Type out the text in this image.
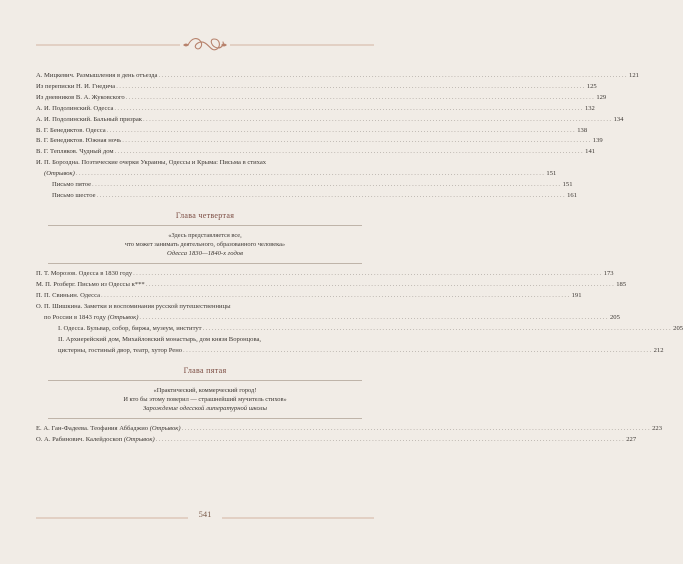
А. Мицкевич. Размышления в день отъезда .....	121
Из переписки Н. И. Гнедича .....	125
Из дневников В. А. Жуковского .....	129
А. И. Подолинский. Одесса .....	132
А. И. Подолинский. Бальный призрак .....	134
В. Г. Бенедиктов. Одесса .....	138
В. Г. Бенедиктов. Южная ночь .....	139
В. Г. Тепляков. Чудный дом .....	141
И. П. Бороздна. Поэтические очерки Украины, Одессы и Крыма: Письма в стихах
(Отрывок) .....	151
Письмо пятое .....	151
Письмо шестое .....	161
Глава четвертая
«Здесь представляется все,
что может занимать деятельного, образованного человека»
Одесса 1830—1840-х годов
П. Т. Морозов. Одесса в 1830 году .....	173
М. П. Розберг. Письмо из Одессы к*** .....	185
П. П. Свиньин. Одесса .....	191
О. П. Шишкина. Заметки и воспоминания русской путешественницы
по России в 1843 году (Отрывок) .....	205
I. Одесса. Бульвар, собор, биржа, музеум, институт .....	205
II. Архиерейский дом, Михайловский монастырь, дом князя Воронцова,
цистерны, гостиный двор, театр, хутор Рено .....	212
Глава пятая
«Практический, коммерческий город!
И кто бы этому поверил — страшнейший мучитель стихов»
Зарождение одесской литературной школы
Е. А. Ган-Фадеева. Теофания Аббаджио (Отрывок) .....	223
О. А. Рабинович. Калейдоскоп (Отрывок) .....	227
541
